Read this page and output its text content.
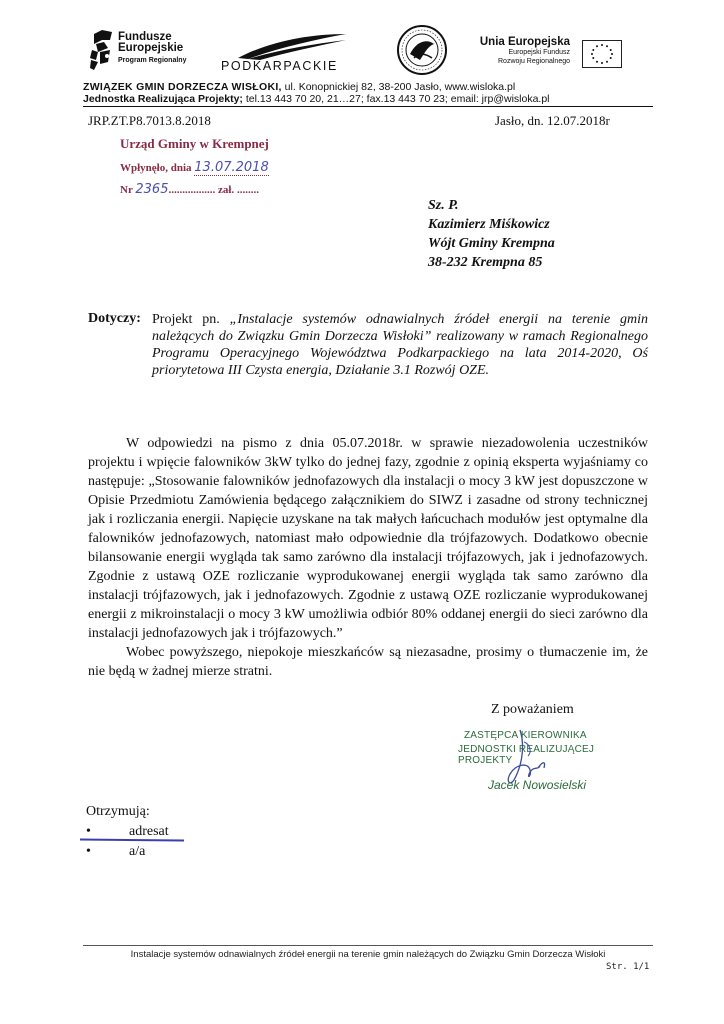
Fundusze
Europejskie
Program Regionalny	PODKARPACKIE
Unia Europejska
Europejski Fundusz
Rozwoju Regionalnego
ZWIĄZEK GMIN DORZECZA WISŁOKI, ul. Konopnickiej 82, 38-200 Jasło, www.wisloka.pl
Jednostka Realizująca Projekty; tel.13 443 70 20, 21…27; fax.13 443 70 23; email: jrp@wisloka.pl
JRP.ZT.P8.7013.8.2018	Jasło, dn. 12.07.2018r
Urząd Gminy w Krempnej
Wpłynęło, dnia 13.07.2018
Nr 2365................. zał. ........
Sz. P.
Kazimierz Miśkowicz
Wójt Gminy Krempna
38-232 Krempna 85
Dotyczy: Projekt pn. „Instalacje systemów odnawialnych źródeł energii na terenie gmin należących do Związku Gmin Dorzecza Wisłoki” realizowany w ramach Regionalnego Programu Operacyjnego Województwa Podkarpackiego na lata 2014-2020, Oś priorytetowa III Czysta energia, Działanie 3.1 Rozwój OZE.

W odpowiedzi na pismo z dnia 05.07.2018r. w sprawie niezadowolenia uczestników projektu i wpięcie falowników 3kW tylko do jednej fazy, zgodnie z opinią eksperta wyjaśniamy co następuje: „Stosowanie falowników jednofazowych dla instalacji o mocy 3 kW jest dopuszczone w Opisie Przedmiotu Zamówienia będącego załącznikiem do SIWZ i zasadne od strony technicznej jak i rozliczania energii. Napięcie uzyskane na tak małych łańcuchach modułów jest optymalne dla falowników jednofazowych, natomiast mało odpowiednie dla trójfazowych. Dodatkowo obecnie bilansowanie energii wygląda tak samo zarówno dla instalacji trójfazowych, jak i jednofazowych. Zgodnie z ustawą OZE rozliczanie wyprodukowanej energii wygląda tak samo zarówno dla instalacji trójfazowych, jak i jednofazowych. Zgodnie z ustawą OZE rozliczanie wyprodukowanej energii z mikroinstalacji o mocy 3 kW umożliwia odbiór 80% oddanej energii do sieci zarówno dla instalacji jednofazowych jak i trójfazowych.”

Wobec powyższego, niepokoje mieszkańców są niezasadne, prosimy o tłumaczenie im, że nie będą w żadnej mierze stratni.

Z poważaniem
ZASTĘPCA KIEROWNIKA
JEDNOSTKI REALIZUJĄCEJ PROJEKTY
Jacek Nowosielski
Otrzymują:
•	adresat
•	a/a
Instalacje systemów odnawialnych źródeł energii na terenie gmin należących do Związku Gmin Dorzecza Wisłoki
Str. 1/1
